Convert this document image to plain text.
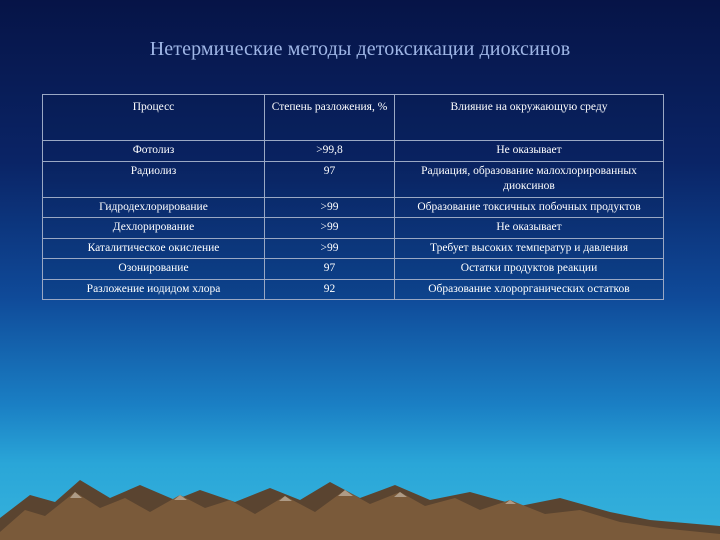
Нетермические методы детоксикации диоксинов
Процесс	Степень разложения, %	Влияние на окружающую среду
Фотолиз	>99,8	Не оказывает
Радиолиз	97	Радиация, образование малохлорированных диоксинов
Гидродехлорирование	>99	Образование токсичных побочных продуктов
Дехлорирование	>99	Не оказывает
Каталитическое окисление	>99	Требует высоких температур и давления
Озонирование	97	Остатки продуктов реакции
Разложение иодидом хлора	92	Образование хлорорганических остатков
